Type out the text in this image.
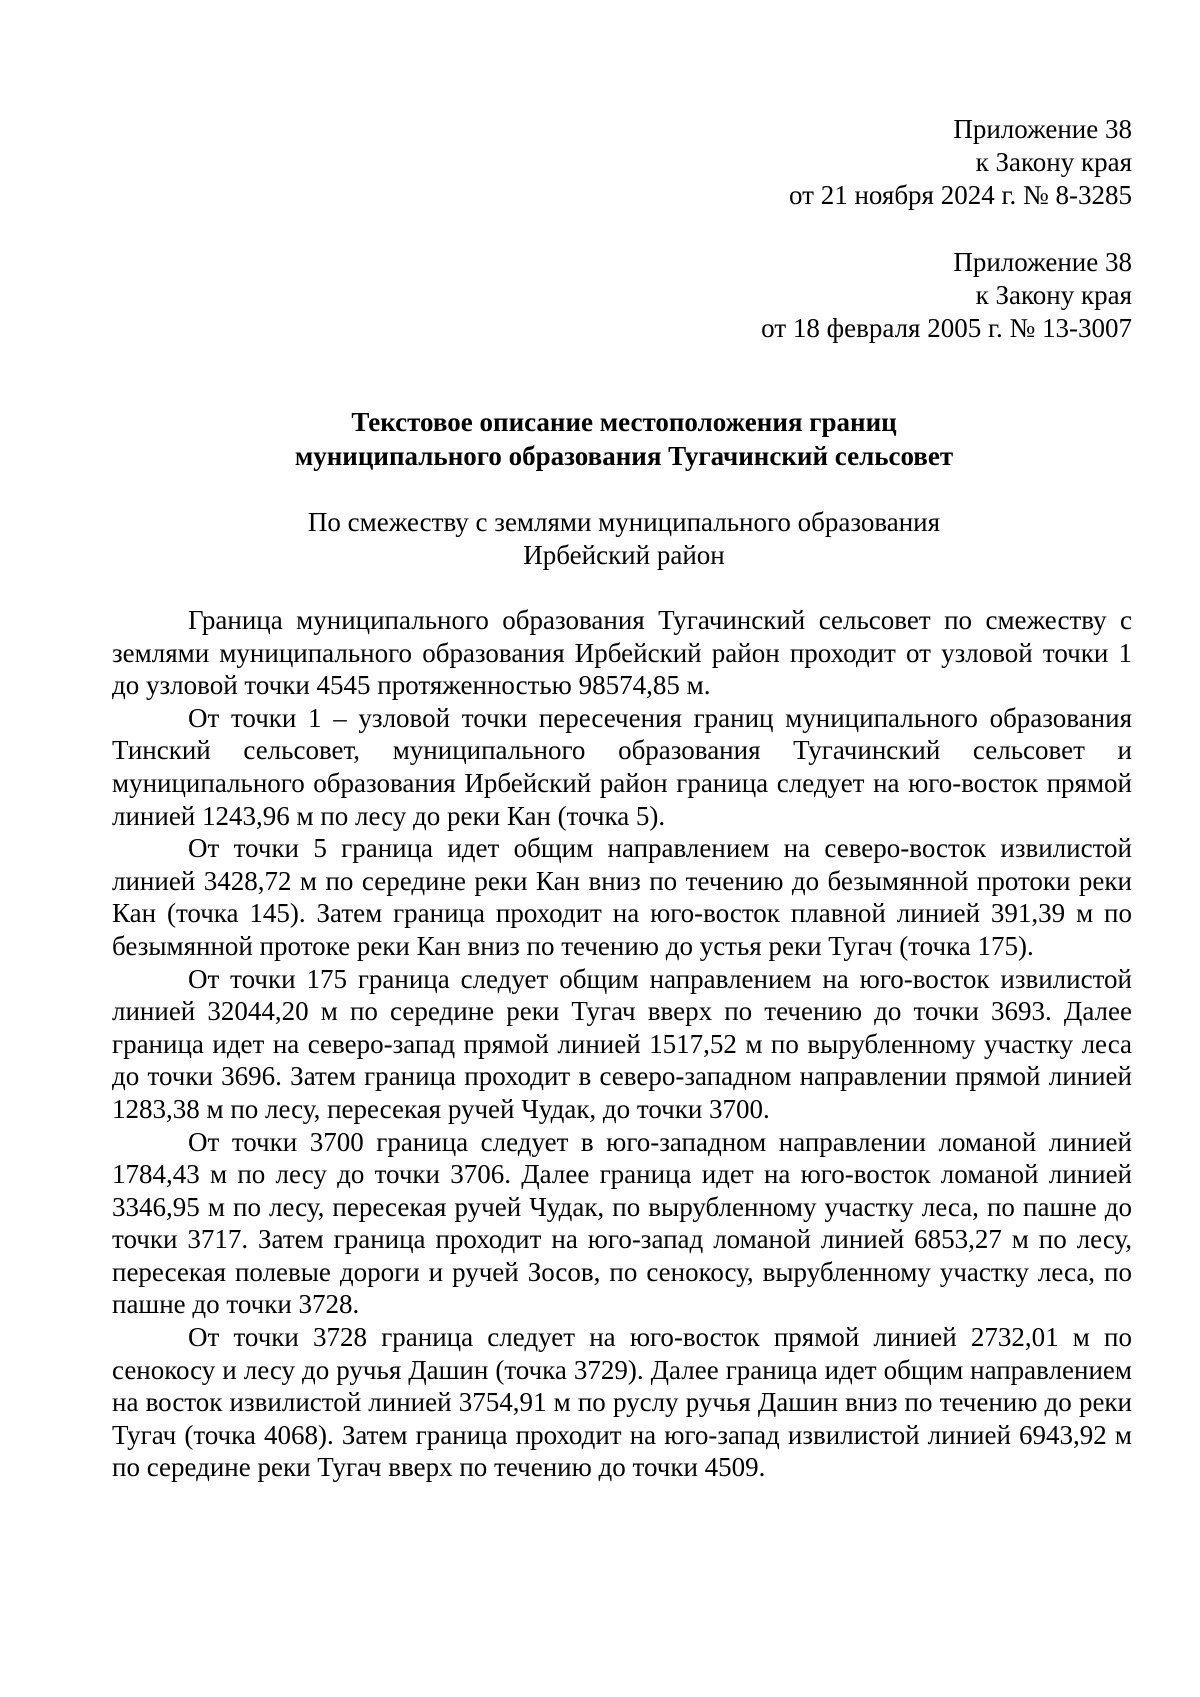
Приложение 38
к Закону края
от 21 ноября 2024 г. № 8-3285
Приложение 38
к Закону края
от 18 февраля 2005 г. № 13-3007
Текстовое описание местоположения границ
муниципального образования Тугачинский сельсовет
По смежеству с землями муниципального образования
Ирбейский район

Граница муниципального образования Тугачинский сельсовет по смежеству с землями муниципального образования Ирбейский район проходит от узловой точки 1 до узловой точки 4545 протяженностью 98574,85 м.

От точки 1 – узловой точки пересечения границ муниципального образования Тинский сельсовет, муниципального образования Тугачинский сельсовет и муниципального образования Ирбейский район граница следует на юго-восток прямой линией 1243,96 м по лесу до реки Кан (точка 5).

От точки 5 граница идет общим направлением на северо-восток извилистой линией 3428,72 м по середине реки Кан вниз по течению до безымянной протоки реки Кан (точка 145). Затем граница проходит на юго-восток плавной линией 391,39 м по безымянной протоке реки Кан вниз по течению до устья реки Тугач (точка 175).

От точки 175 граница следует общим направлением на юго-восток извилистой линией 32044,20 м по середине реки Тугач вверх по течению до точки 3693. Далее граница идет на северо-запад прямой линией 1517,52 м по вырубленному участку леса до точки 3696. Затем граница проходит в северо-западном направлении прямой линией 1283,38 м по лесу, пересекая ручей Чудак, до точки 3700.

От точки 3700 граница следует в юго-западном направлении ломаной линией 1784,43 м по лесу до точки 3706. Далее граница идет на юго-восток ломаной линией 3346,95 м по лесу, пересекая ручей Чудак, по вырубленному участку леса, по пашне до точки 3717. Затем граница проходит на юго-запад ломаной линией 6853,27 м по лесу, пересекая полевые дороги и ручей Зосов, по сенокосу, вырубленному участку леса, по пашне до точки 3728.

От точки 3728 граница следует на юго-восток прямой линией 2732,01 м по сенокосу и лесу до ручья Дашин (точка 3729). Далее граница идет общим направлением на восток извилистой линией 3754,91 м по руслу ручья Дашин вниз по течению до реки Тугач (точка 4068). Затем граница проходит на юго-запад извилистой линией 6943,92 м по середине реки Тугач вверх по течению до точки 4509.
